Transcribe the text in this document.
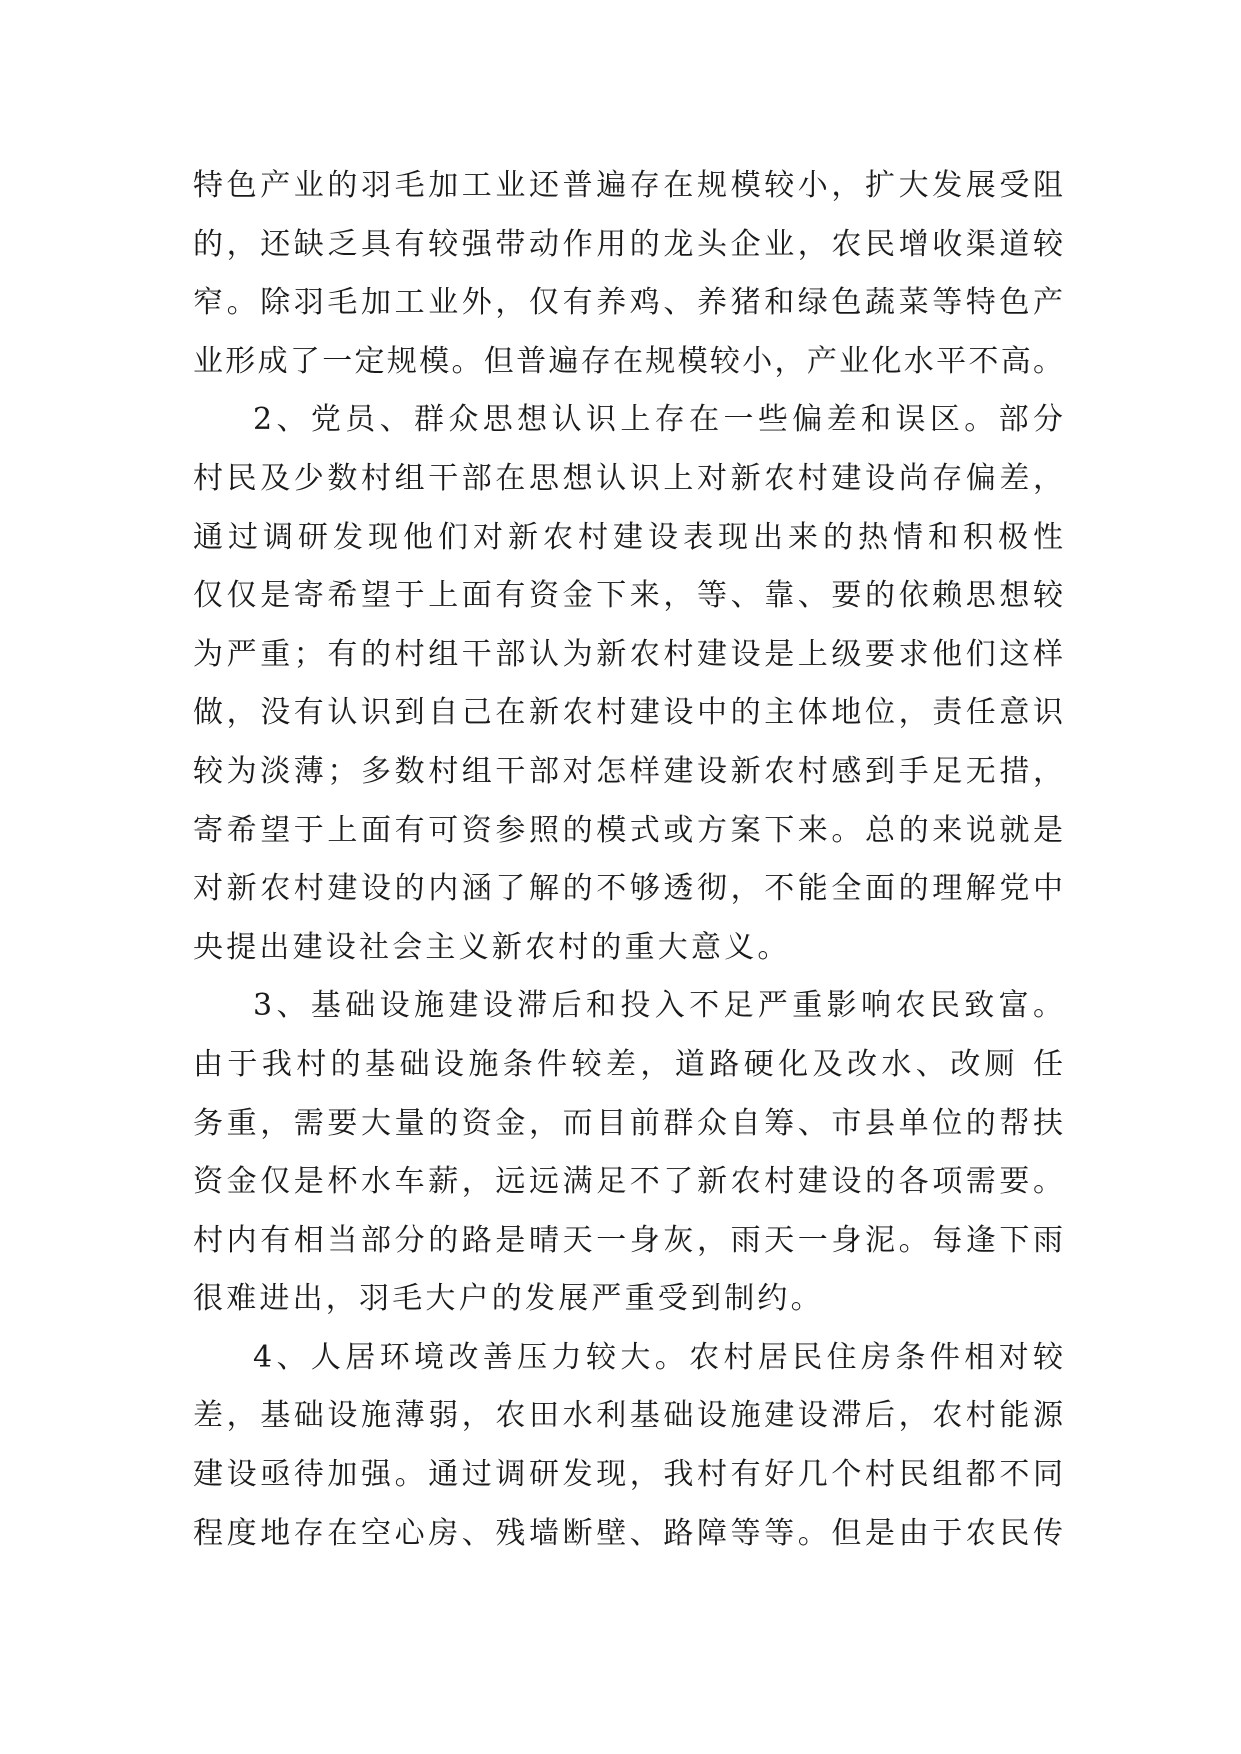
特色产业的羽毛加工业还普遍存在规模较小，扩大发展受阻
的，还缺乏具有较强带动作用的龙头企业，农民增收渠道较
窄。除羽毛加工业外，仅有养鸡、养猪和绿色蔬菜等特色产
业形成了一定规模。但普遍存在规模较小，产业化水平不高。
2、党员、群众思想认识上存在一些偏差和误区。部分
村民及少数村组干部在思想认识上对新农村建设尚存偏差，
通过调研发现他们对新农村建设表现出来的热情和积极性
仅仅是寄希望于上面有资金下来，等、靠、要的依赖思想较
为严重；有的村组干部认为新农村建设是上级要求他们这样
做，没有认识到自己在新农村建设中的主体地位，责任意识
较为淡薄；多数村组干部对怎样建设新农村感到手足无措，
寄希望于上面有可资参照的模式或方案下来。总的来说就是
对新农村建设的内涵了解的不够透彻，不能全面的理解党中
央提出建设社会主义新农村的重大意义。
3、基础设施建设滞后和投入不足严重影响农民致富。
由于我村的基础设施条件较差，道路硬化及改水、改厕 任
务重，需要大量的资金，而目前群众自筹、市县单位的帮扶
资金仅是杯水车薪，远远满足不了新农村建设的各项需要。
村内有相当部分的路是晴天一身灰，雨天一身泥。每逢下雨
很难进出，羽毛大户的发展严重受到制约。
4、人居环境改善压力较大。农村居民住房条件相对较
差，基础设施薄弱，农田水利基础设施建设滞后，农村能源
建设亟待加强。通过调研发现，我村有好几个村民组都不同
程度地存在空心房、残墙断壁、路障等等。但是由于农民传
